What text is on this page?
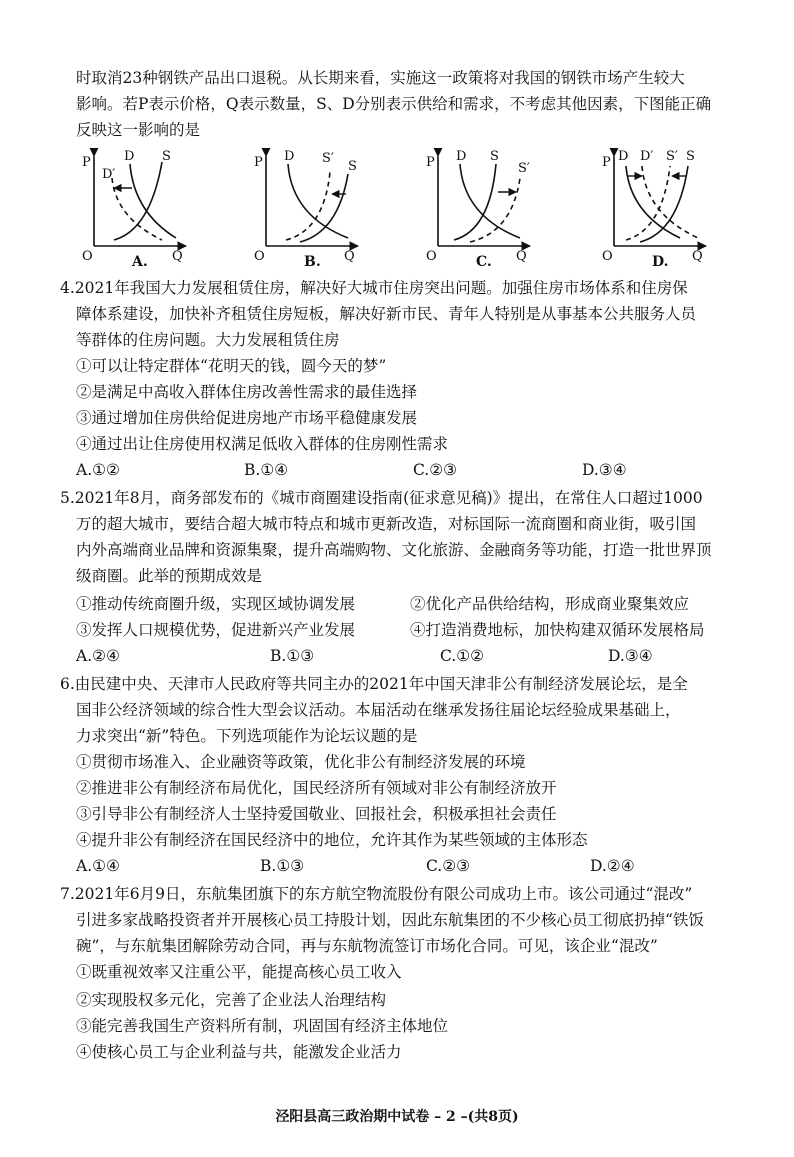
时取消23种钢铁产品出口退税。从长期来看，实施这一政策将对我国的钢铁市场产生较大
影响。若P表示价格，Q表示数量，S、D分别表示供给和需求，不考虑其他因素，下图能正确
反映这一影响的是
P
D′
D S
O	Q
A.
P D S′
S
O	Q
B.
P D S
S′
O	Q
C.
P D D′ S′ S
O	Q
D.
4.2021年我国大力发展租赁住房，解决好大城市住房突出问题。加强住房市场体系和住房保
障体系建设，加快补齐租赁住房短板，解决好新市民、青年人特别是从事基本公共服务人员
等群体的住房问题。大力发展租赁住房
①可以让特定群体“花明天的钱，圆今天的梦”
②是满足中高收入群体住房改善性需求的最佳选择
③通过增加住房供给促进房地产市场平稳健康发展
④通过出让住房使用权满足低收入群体的住房刚性需求
A.①②	B.①④	C.②③	D.③④
5.2021年8月，商务部发布的《城市商圈建设指南(征求意见稿)》提出，在常住人口超过1000
万的超大城市，要结合超大城市特点和城市更新改造，对标国际一流商圈和商业街，吸引国
内外高端商业品牌和资源集聚，提升高端购物、文化旅游、金融商务等功能，打造一批世界顶
级商圈。此举的预期成效是
①推动传统商圈升级，实现区域协调发展	②优化产品供给结构，形成商业聚集效应
③发挥人口规模优势，促进新兴产业发展	④打造消费地标，加快构建双循环发展格局
A.②④	B.①③	C.①②	D.③④
6.由民建中央、天津市人民政府等共同主办的2021年中国天津非公有制经济发展论坛，是全
国非公经济领域的综合性大型会议活动。本届活动在继承发扬往届论坛经验成果基础上，
力求突出“新”特色。下列选项能作为论坛议题的是
①贯彻市场准入、企业融资等政策，优化非公有制经济发展的环境
②推进非公有制经济布局优化，国民经济所有领域对非公有制经济放开
③引导非公有制经济人士坚持爱国敬业、回报社会，积极承担社会责任
④提升非公有制经济在国民经济中的地位，允许其作为某些领域的主体形态
A.①④	B.①③	C.②③	D.②④
7.2021年6月9日，东航集团旗下的东方航空物流股份有限公司成功上市。该公司通过“混改”
引进多家战略投资者并开展核心员工持股计划，因此东航集团的不少核心员工彻底扔掉“铁饭
碗”，与东航集团解除劳动合同，再与东航物流签订市场化合同。可见，该企业“混改”
①既重视效率又注重公平，能提高核心员工收入
②实现股权多元化，完善了企业法人治理结构
③能完善我国生产资料所有制，巩固国有经济主体地位
④使核心员工与企业利益与共，能激发企业活力
泾阳县高三政治期中试卷 – 2 –(共8页)
